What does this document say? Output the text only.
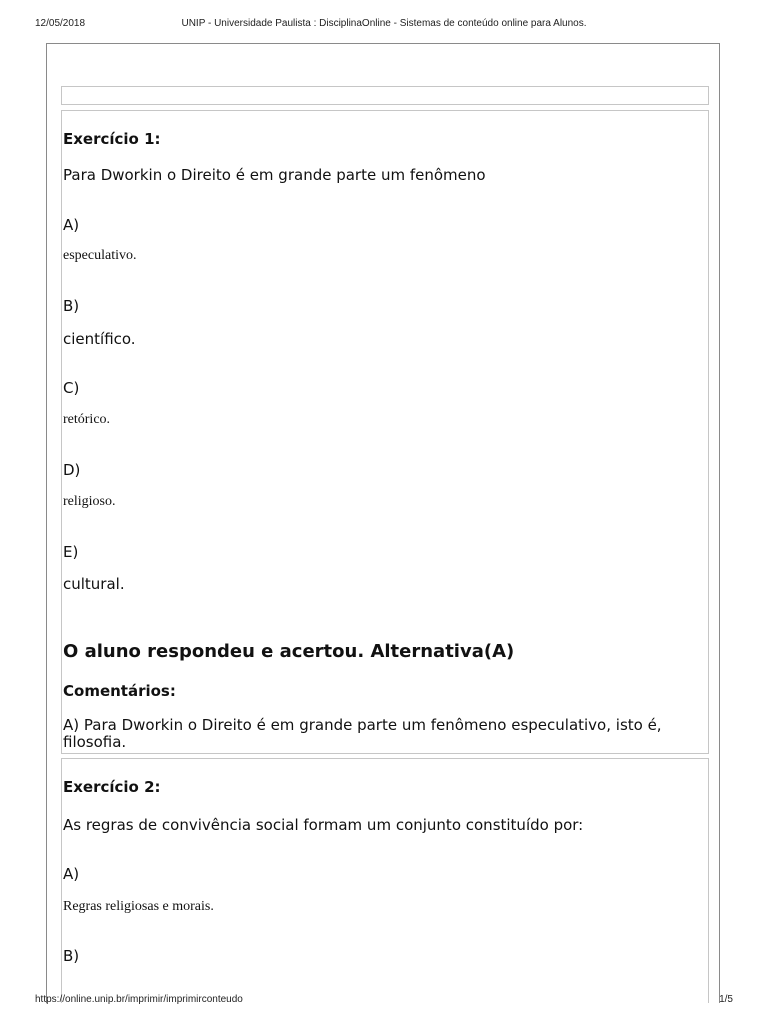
12/05/2018	UNIP - Universidade Paulista : DisciplinaOnline - Sistemas de conteúdo online para Alunos.

Exercício 1:

Para Dworkin o Direito é em grande parte um fenômeno

A)

especulativo.

B)

científico.

C)

retórico.

D)

religioso.

E)

cultural.

O aluno respondeu e acertou. Alternativa(A)

Comentários:

A) Para Dworkin o Direito é em grande parte um fenômeno especulativo, isto é, filosofia.

Exercício 2:

As regras de convivência social formam um conjunto constituído por:

A)

Regras religiosas e morais.

B)

https://online.unip.br/imprimir/imprimirconteudo	1/5
